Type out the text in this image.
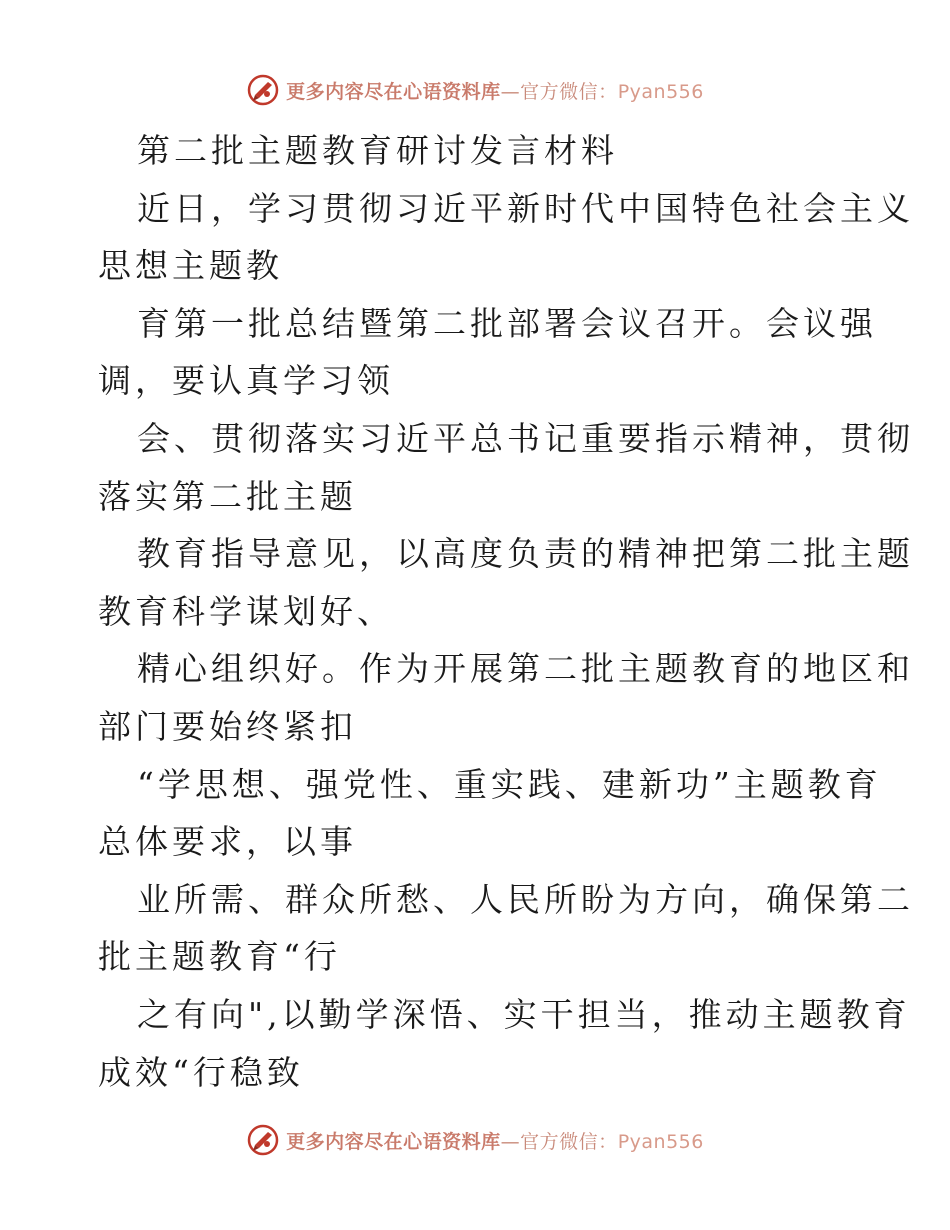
更多内容尽在心语资料库—官方微信：Pyan556
第二批主题教育研讨发言材料
近日，学习贯彻习近平新时代中国特色社会主义
思想主题教
育第一批总结暨第二批部署会议召开。会议强
调，要认真学习领
会、贯彻落实习近平总书记重要指示精神，贯彻
落实第二批主题
教育指导意见，以高度负责的精神把第二批主题
教育科学谋划好、
精心组织好。作为开展第二批主题教育的地区和
部门要始终紧扣
“学思想、强党性、重实践、建新功”主题教育
总体要求，以事
业所需、群众所愁、人民所盼为方向，确保第二
批主题教育“行
之有向",以勤学深悟、实干担当，推动主题教育
成效“行稳致
更多内容尽在心语资料库—官方微信：Pyan556
